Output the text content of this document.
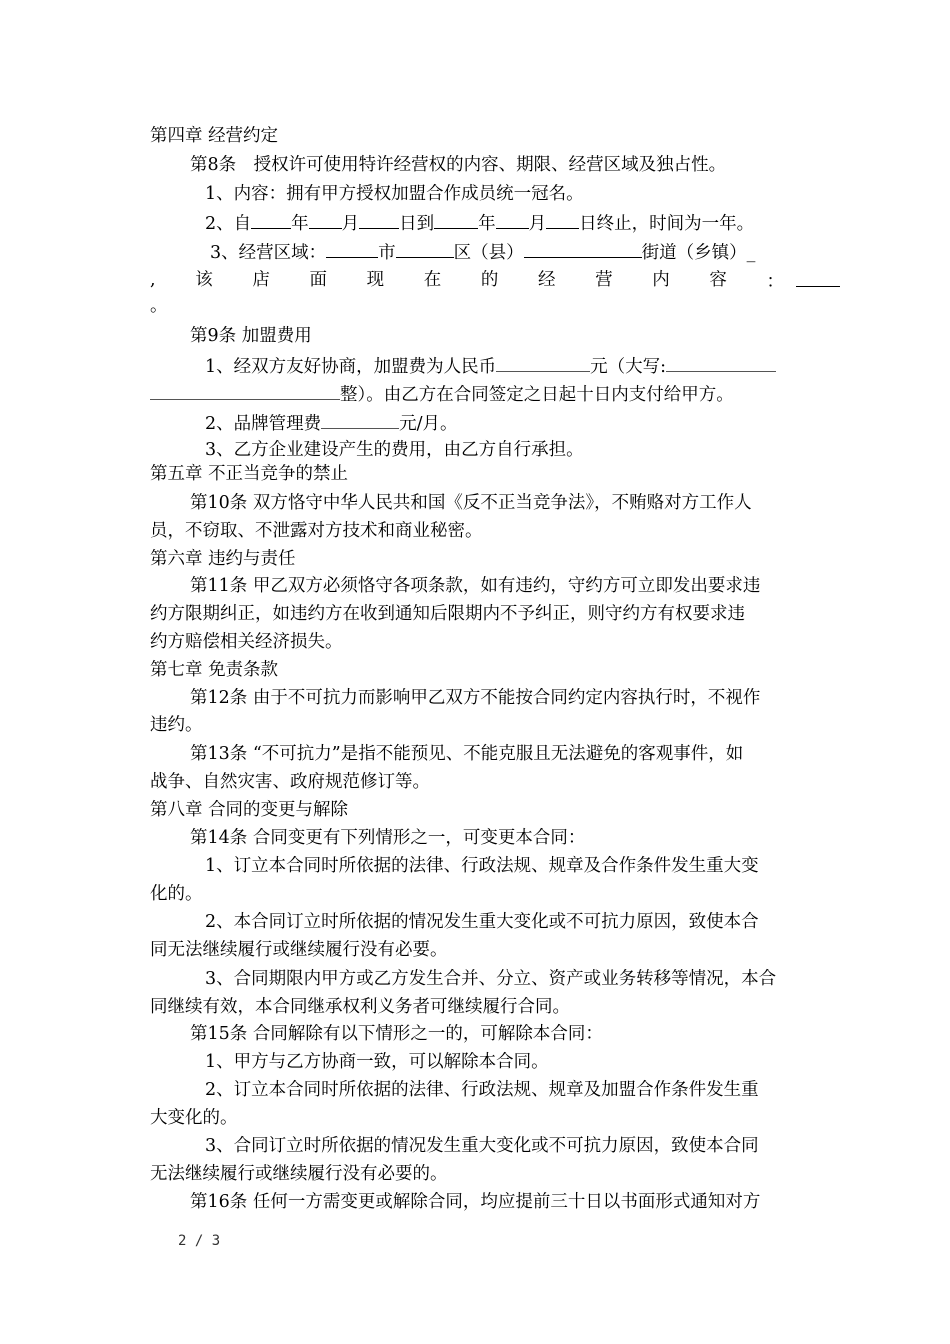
第四章 经营约定
第8条　授权许可使用特许经营权的内容、期限、经营区域及独占性。
1、内容：拥有甲方授权加盟合作成员统一冠名。
2、自 年 月 日到	年 月 日终止，时间为一年。
3、经营区域：	市	区（县）	街道（乡镇）_
, 该 店 面 现 在 的 经 营 内 容 ：
。
第9条 加盟费用
1、经双方友好协商，加盟费为人民币	元（大写:
整）。由乙方在合同签定之日起十日内支付给甲方。
2、品牌管理费	元/月。
3、乙方企业建设产生的费用，由乙方自行承担。
第五章 不正当竞争的禁止
第10条 双方恪守中华人民共和国《反不正当竞争法》，不贿赂对方工作人
员，不窃取、不泄露对方技术和商业秘密。
第六章 违约与责任
第11条 甲乙双方必须恪守各项条款，如有违约，守约方可立即发出要求违
约方限期纠正，如违约方在收到通知后限期内不予纠正，则守约方有权要求违
约方赔偿相关经济损失。
第七章 免责条款
第12条 由于不可抗力而影响甲乙双方不能按合同约定内容执行时，不视作
违约。
第13条 “不可抗力”是指不能预见、不能克服且无法避免的客观事件，如
战争、自然灾害、政府规范修订等。
第八章 合同的变更与解除
第14条 合同变更有下列情形之一，可变更本合同：
1、订立本合同时所依据的法律、行政法规、规章及合作条件发生重大变
化的。
2、本合同订立时所依据的情况发生重大变化或不可抗力原因，致使本合
同无法继续履行或继续履行没有必要。
3、合同期限内甲方或乙方发生合并、分立、资产或业务转移等情况，本合
同继续有效，本合同继承权利义务者可继续履行合同。
第15条 合同解除有以下情形之一的，可解除本合同：
1、甲方与乙方协商一致，可以解除本合同。
2、订立本合同时所依据的法律、行政法规、规章及加盟合作条件发生重
大变化的。
3、合同订立时所依据的情况发生重大变化或不可抗力原因，致使本合同
无法继续履行或继续履行没有必要的。
第16条 任何一方需变更或解除合同，均应提前三十日以书面形式通知对方
2 / 3
